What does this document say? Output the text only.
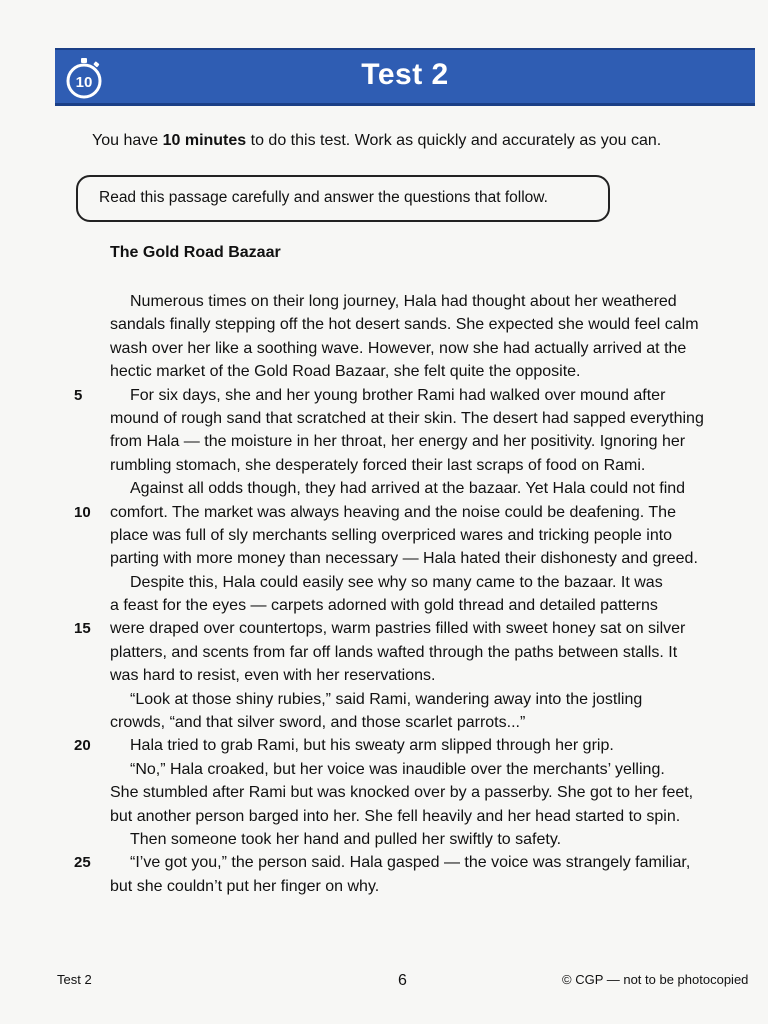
10	Test 2
You have 10 minutes to do this test. Work as quickly and accurately as you can.
Read this passage carefully and answer the questions that follow.
The Gold Road Bazaar
Numerous times on their long journey, Hala had thought about her weathered
sandals finally stepping off the hot desert sands. She expected she would feel calm
wash over her like a soothing wave. However, now she had actually arrived at the
hectic market of the Gold Road Bazaar, she felt quite the opposite.
5	For six days, she and her young brother Rami had walked over mound after
mound of rough sand that scratched at their skin. The desert had sapped everything
from Hala — the moisture in her throat, her energy and her positivity. Ignoring her
rumbling stomach, she desperately forced their last scraps of food on Rami.
Against all odds though, they had arrived at the bazaar. Yet Hala could not find
10	comfort. The market was always heaving and the noise could be deafening. The
place was full of sly merchants selling overpriced wares and tricking people into
parting with more money than necessary — Hala hated their dishonesty and greed.
Despite this, Hala could easily see why so many came to the bazaar. It was
a feast for the eyes — carpets adorned with gold thread and detailed patterns
15	were draped over countertops, warm pastries filled with sweet honey sat on silver
platters, and scents from far off lands wafted through the paths between stalls. It
was hard to resist, even with her reservations.
“Look at those shiny rubies,” said Rami, wandering away into the jostling
crowds, “and that silver sword, and those scarlet parrots...”
20	Hala tried to grab Rami, but his sweaty arm slipped through her grip.
“No,” Hala croaked, but her voice was inaudible over the merchants’ yelling.
She stumbled after Rami but was knocked over by a passerby. She got to her feet,
but another person barged into her. She fell heavily and her head started to spin.
Then someone took her hand and pulled her swiftly to safety.
25	“I’ve got you,” the person said. Hala gasped — the voice was strangely familiar,
but she couldn’t put her finger on why.
Test 2	6	© CGP — not to be photocopied
